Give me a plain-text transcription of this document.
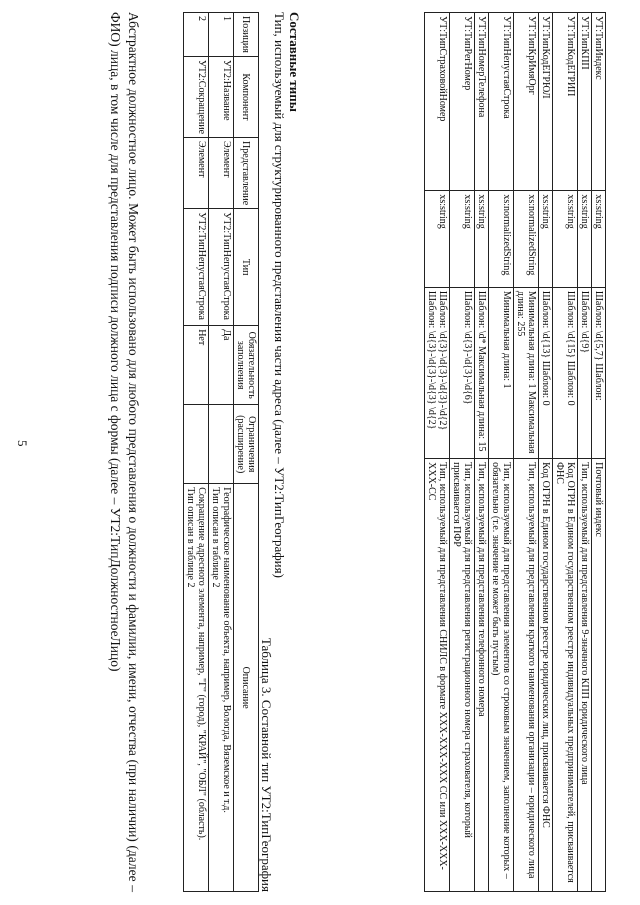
5
УТ:ТипИндекс	xs:string	Шаблон: \d{5,7} Шаблон:	Почтовый индекс
УТ:ТипКПП	xs:string	Шаблон: \d{9}	Тип, используемый для представления 9-значного КПП юридического лица
УТ:ТипКодЕГРИП	xs:string	Шаблон: \d{15} Шаблон: 0	Код ОГРН в Едином государственном реестре индивидуальных предпринимателей, присваивается ФНС
УТ:ТипКодЕГРЮЛ	xs:string	Шаблон: \d{13} Шаблон: 0	Код ОГРН в Едином государственном реестре юридических лиц, присваивается ФНС
УТ:ТипКрИмяОрг	xs:normalizedString	Минимальная длина: 1 Максимальная длина: 255	Тип, используемый для представления краткого наименования организации – юридического лица
УТ:ТипНепустаяСтрока	xs:normalizedString	Минимальная длина: 1	Тип, используемый для представления элементов со строковым значением, заполнение которых – обязательно (т.е. значение не может быть пустым)
УТ:ТипНомерТелефона	xs:string	Шаблон: \d* Максимальная длина: 15	Тип, используемый для представления телефонного номера
УТ:ТипРегНомер	xs:string	Шаблон: \d{3}-\d{3}-\d{6}	Тип, используемый для представления регистрационного номера страхователя, который присваивается ПФР
УТ:ТипСтраховойНомер	xs:string	Шаблон: \d{3}-\d{3}-\d{3}-\d{2} Шаблон: \d{3}-\d{3}-\d{3} \d{2}	Тип, используемый для представления СНИЛС в формате XXX-XXX-XXX CC или XXX-XXX-XXX-CC
Составные типы
Тип, используемый для структурированного представления части адреса (далее – УТ2:ТипГеография)
Таблица 3. Составной тип УТ2:ТипГеография
Позиция	Компонент	Представление	Тип	Обязательность заполнения	Ограничения (расширение)	Описание
1	УТ2:Название	Элемент	УТ2:ТипНепустаяСтрока	Да		Географическое наименование объекта, например, Вологда, Вяземское и т.д.
Тип описан в таблице 2

2	УТ2:Сокращение	Элемент	УТ2:ТипНепустаяСтрока	Нет		Сокращение адресного элемента, например, "Г" (город), "КРАЙ", "ОБЛ" (область).
Тип описан в таблице 2
Абстрактное должностное лицо. Может быть использовано для любого представления о должности и фамилии, имени, отчества (при наличии) (далее – ФИО) лица, в том числе для представления подписи должного лица с формы (далее – УТ2:ТипДолжностноеЛицо)
